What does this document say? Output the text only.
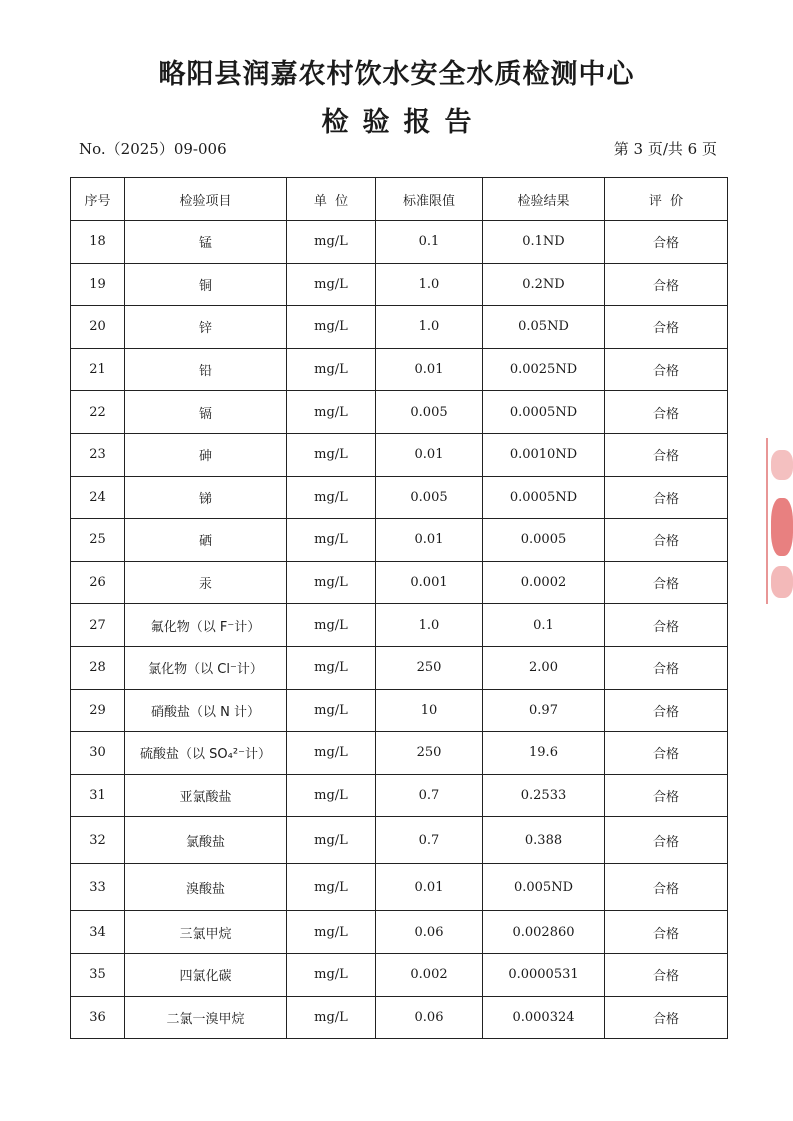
略阳县润嘉农村饮水安全水质检测中心
检验报告
No.（2025）09-006	第 3 页/共 6 页
序号	检验项目	单  位	标准限值	检验结果	评  价
18	锰	mg/L	0.1	0.1ND	合格
19	铜	mg/L	1.0	0.2ND	合格
20	锌	mg/L	1.0	0.05ND	合格
21	铅	mg/L	0.01	0.0025ND	合格
22	镉	mg/L	0.005	0.0005ND	合格
23	砷	mg/L	0.01	0.0010ND	合格
24	锑	mg/L	0.005	0.0005ND	合格
25	硒	mg/L	0.01	0.0005	合格
26	汞	mg/L	0.001	0.0002	合格
27	氟化物（以 F⁻计）	mg/L	1.0	0.1	合格
28	氯化物（以 Cl⁻计）	mg/L	250	2.00	合格
29	硝酸盐（以 N 计）	mg/L	10	0.97	合格
30	硫酸盐（以 SO₄²⁻计）	mg/L	250	19.6	合格
31	亚氯酸盐	mg/L	0.7	0.2533	合格
32	氯酸盐	mg/L	0.7	0.388	合格
33	溴酸盐	mg/L	0.01	0.005ND	合格
34	三氯甲烷	mg/L	0.06	0.002860	合格
35	四氯化碳	mg/L	0.002	0.0000531	合格
36	二氯一溴甲烷	mg/L	0.06	0.000324	合格
